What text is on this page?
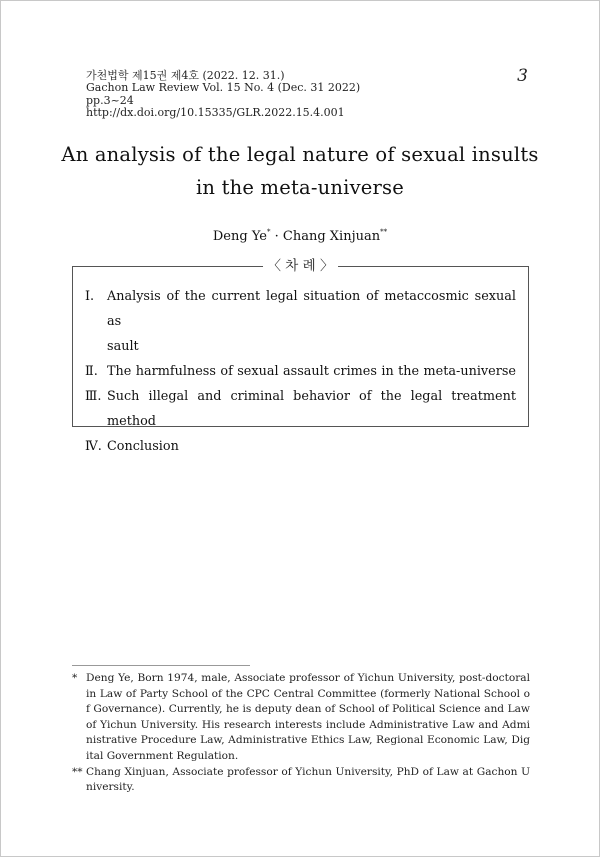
가천법학 제15권 제4호 (2022. 12. 31.)
Gachon Law Review Vol. 15 No. 4 (Dec. 31 2022)
pp.3~24
http://dx.doi.org/10.15335/GLR.2022.15.4.001
3
An analysis of the legal nature of sexual insults
in the meta-universe
Deng Ye* · Chang Xinjuan**
〈 차 례 〉
Ⅰ.	Analysis of the current legal situation of metaccosmic sexual as
sault
Ⅱ. The harmfulness of sexual assault crimes in the meta-universe
Ⅲ. Such illegal and criminal behavior of the legal treatment method
Ⅳ. Conclusion
* Deng Ye, Born 1974, male, Associate professor of Yichun University, post-doctoral in Law of Party School of the CPC Central Committee (formerly National School of Governance). Currently, he is deputy dean of School of Political Science and Law of Yichun University. His research interests include Administrative Law and Administrative Procedure Law, Administrative Ethics Law, Regional Economic Law, Digital Government Regulation.
** Chang Xinjuan, Associate professor of Yichun University, PhD of Law at Gachon University.
